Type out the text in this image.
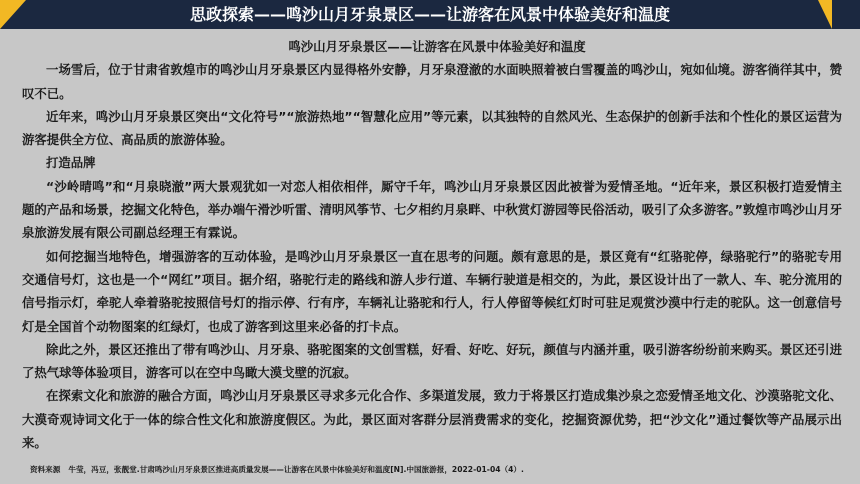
思政探索——鸣沙山月牙泉景区——让游客在风景中体验美好和温度

鸣沙山月牙泉景区——让游客在风景中体验美好和温度

一场雪后，位于甘肃省敦煌市的鸣沙山月牙泉景区内显得格外安静，月牙泉澄澈的水面映照着被白雪覆盖的鸣沙山，宛如仙境。游客徜徉其中，赞叹不已。

近年来，鸣沙山月牙泉景区突出“文化符号”“旅游热地”“智慧化应用”等元素，以其独特的自然风光、生态保护的创新手法和个性化的景区运营为游客提供全方位、高品质的旅游体验。

打造品牌

“沙岭晴鸣”和“月泉晓澈”两大景观犹如一对恋人相依相伴，厮守千年，鸣沙山月牙泉景区因此被誉为爱情圣地。“近年来，景区积极打造爱情主题的产品和场景，挖掘文化特色，举办端午滑沙听雷、清明风筝节、七夕相约月泉畔、中秋赏灯游园等民俗活动，吸引了众多游客。”敦煌市鸣沙山月牙泉旅游发展有限公司副总经理王有霖说。

如何挖掘当地特色，增强游客的互动体验，是鸣沙山月牙泉景区一直在思考的问题。颇有意思的是，景区竟有“红骆驼停，绿骆驼行”的骆驼专用交通信号灯，这也是一个“网红”项目。据介绍，骆驼行走的路线和游人步行道、车辆行驶道是相交的，为此，景区设计出了一款人、车、驼分流用的信号指示灯，牵驼人牵着骆驼按照信号灯的指示停、行有序，车辆礼让骆驼和行人，行人停留等候红灯时可驻足观赏沙漠中行走的驼队。这一创意信号灯是全国首个动物图案的红绿灯，也成了游客到这里来必备的打卡点。

除此之外，景区还推出了带有鸣沙山、月牙泉、骆驼图案的文创雪糕，好看、好吃、好玩，颜值与内涵并重，吸引游客纷纷前来购买。景区还引进了热气球等体验项目，游客可以在空中鸟瞰大漠戈壁的沉寂。

在探索文化和旅游的融合方面，鸣沙山月牙泉景区寻求多元化合作、多渠道发展，致力于将景区打造成集沙泉之恋爱情圣地文化、沙漠骆驼文化、大漠奇观诗词文化于一体的综合性文化和旅游度假区。为此，景区面对客群分层消费需求的变化，挖掘资源优势，把“沙文化”通过餐饮等产品展示出来。

资料来源 牛莹，冯豆，张靓堂.甘肃鸣沙山月牙泉景区推进高质量发展——让游客在风景中体验美好和温度[N].中国旅游报，2022-01-04（4）.
